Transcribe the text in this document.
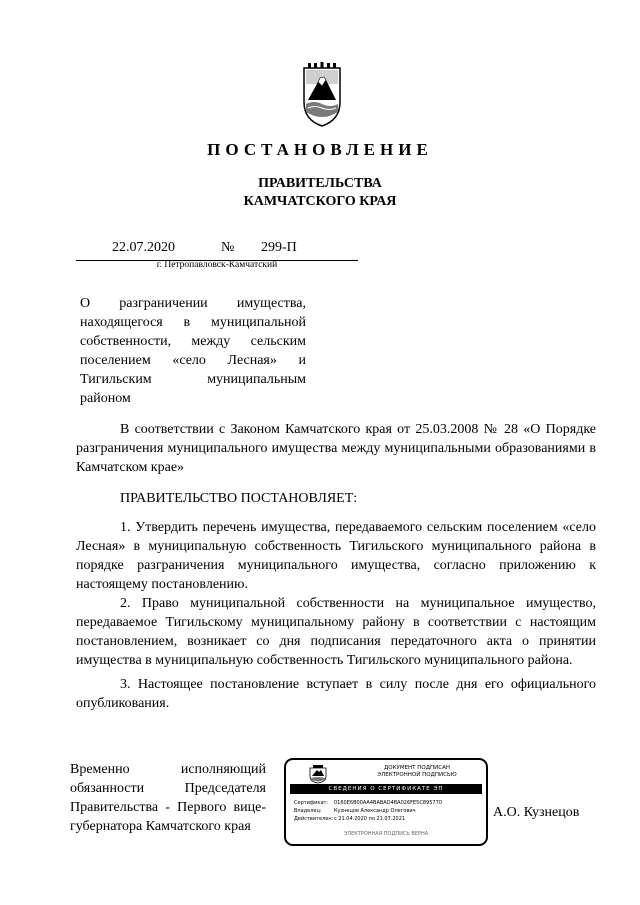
ПОСТАНОВЛЕНИЕ
ПРАВИТЕЛЬСТВА
КАМЧАТСКОГО КРАЯ
22.07.2020	№ 299-П
г. Петропавловск-Камчатский
О разграничении имущества, находящегося в муниципальной собственности, между сельским поселением «село Лесная» и Тигильским муниципальным районом
В соответствии с Законом Камчатского края от 25.03.2008 № 28 «О Порядке разграничения муниципального имущества между муниципальными образованиями в Камчатском крае»
ПРАВИТЕЛЬСТВО ПОСТАНОВЛЯЕТ:
1. Утвердить перечень имущества, передаваемого сельским поселением «село Лесная» в муниципальную собственность Тигильского муниципального района в порядке разграничения муниципального имущества, согласно приложению к настоящему постановлению.
2. Право муниципальной собственности на муниципальное имущество, передаваемое Тигильскому муниципальному району в соответствии с настоящим постановлением, возникает со дня подписания передаточного акта о принятии имущества в муниципальную собственность Тигильского муниципального района.
3. Настоящее постановление вступает в силу после дня его официального опубликования.
Временно исполняющий обязанности Председателя Правительства - Первого вице-губернатора Камчатского края
ДОКУМЕНТ ПОДПИСАН
ЭЛЕКТРОННОЙ ПОДПИСЬЮ
СВЕДЕНИЯ О СЕРТИФИКАТЕ ЭП
Сертификат: 0160E6B00AA4BABAD4BA026FE5C895770
Владелец: Кузнецов Александр Олегович
Действителен:с 21.04.2020 по 21.07.2021
ЭЛЕКТРОННАЯ ПОДПИСЬ ВЕРНА
А.О. Кузнецов
